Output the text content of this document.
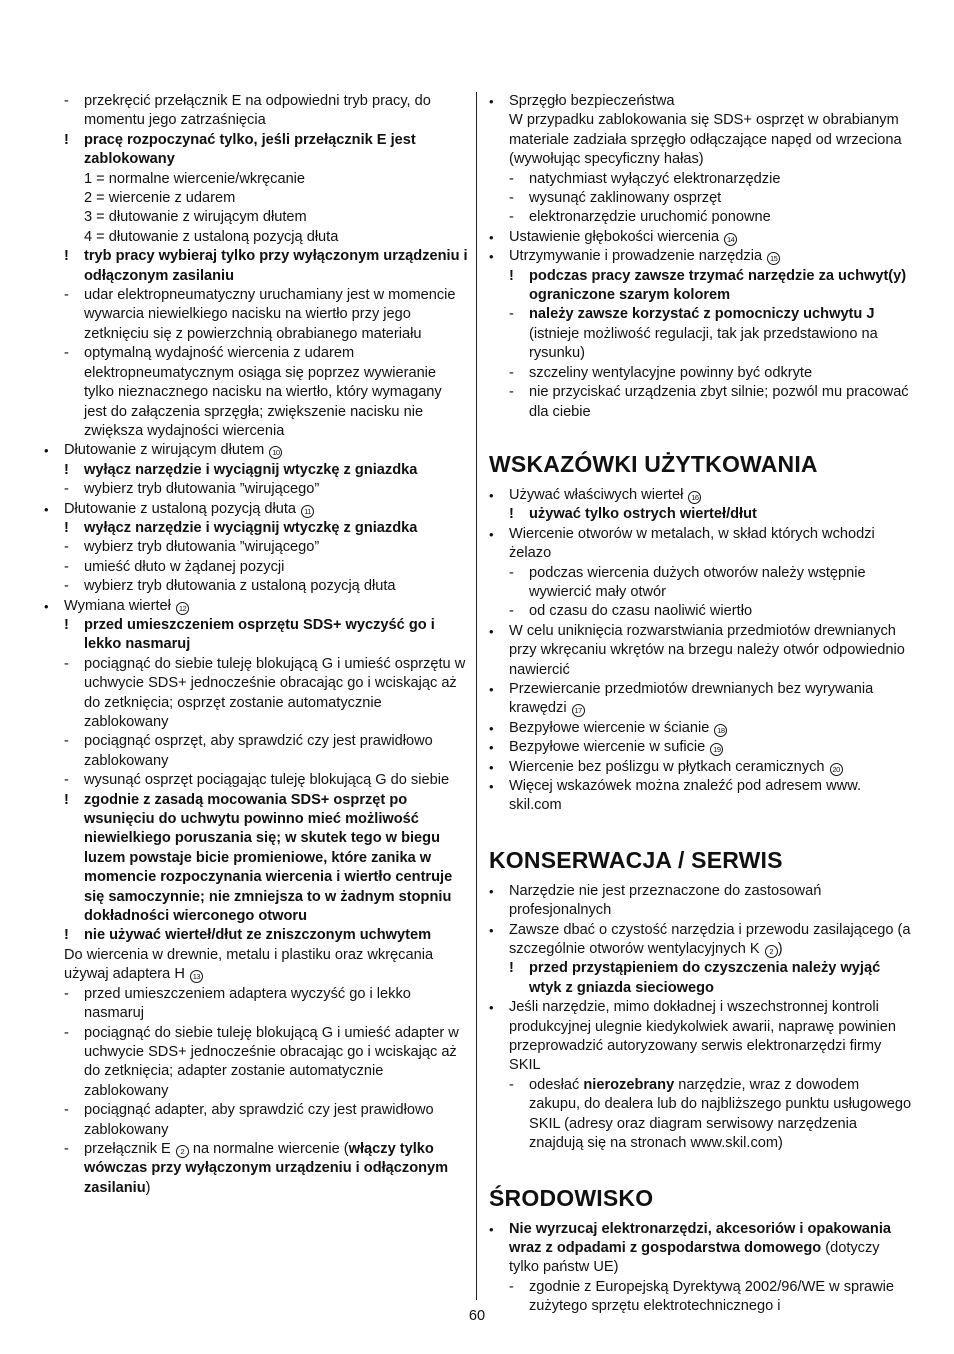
-	przekręcić przełącznik E na odpowiedni tryb pracy, do momentu jego zatrzaśnięcia
!	pracę rozpoczynać tylko, jeśli przełącznik E jest zablokowany
1 = normalne wiercenie/wkręcanie
2 = wiercenie z udarem
3 = dłutowanie z wirującym dłutem
4 = dłutowanie z ustaloną pozycją dłuta
!	tryb pracy wybieraj tylko przy wyłączonym urządzeniu i odłączonym zasilaniu
-	udar elektropneumatyczny uruchamiany jest w momencie wywarcia niewielkiego nacisku na wiertło przy jego zetknięciu się z powierzchnią obrabianego materiału
-	optymalną wydajność wiercenia z udarem elektropneumatycznym osiąga się poprzez wywieranie tylko nieznacznego nacisku na wiertło, który wymagany jest do załączenia sprzęgła; zwiększenie nacisku nie zwiększa wydajności wiercenia
•	Dłutowanie z wirującym dłutem 10
!	wyłącz narzędzie i wyciągnij wtyczkę z gniazdka
-	wybierz tryb dłutowania ”wirującego”
•	Dłutowanie z ustaloną pozycją dłuta 11
!	wyłącz narzędzie i wyciągnij wtyczkę z gniazdka
-	wybierz tryb dłutowania ”wirującego”
-	umieść dłuto w żądanej pozycji
-	wybierz tryb dłutowania z ustaloną pozycją dłuta
•	Wymiana wierteł 12
!	przed umieszczeniem osprzętu SDS+ wyczyść go i lekko nasmaruj
-	pociągnąć do siebie tuleję blokującą G i umieść osprzętu w uchwycie SDS+ jednocześnie obracając go i wciskając aż do zetknięcia; osprzęt zostanie automatycznie zablokowany
-	pociągnąć osprzęt, aby sprawdzić czy jest prawidłowo zablokowany
-	wysunąć osprzęt pociągając tuleję blokującą G do siebie
!	zgodnie z zasadą mocowania SDS+ osprzęt po wsunięciu do uchwytu powinno mieć możliwość niewielkiego poruszania się; w skutek tego w biegu luzem powstaje bicie promieniowe, które zanika w momencie rozpoczynania wiercenia i wiertło centruje się samoczynnie; nie zmniejsza to w żadnym stopniu dokładności wierconego otworu
!	nie używać wierteł/dłut ze zniszczonym uchwytem
Do wiercenia w drewnie, metalu i plastiku oraz wkręcania używaj adaptera H 13
-	przed umieszczeniem adaptera wyczyść go i lekko nasmaruj
-	pociągnąć do siebie tuleję blokującą G i umieść adapter w uchwycie SDS+ jednocześnie obracając go i wciskając aż do zetknięcia; adapter zostanie automatycznie zablokowany
-	pociągnąć adapter, aby sprawdzić czy jest prawidłowo zablokowany
-	przełącznik E 2 na normalne wiercenie (włączy tylko wówczas przy wyłączonym urządzeniu i odłączonym zasilaniu)
•	Sprzęgło bezpieczeństwa
W przypadku zablokowania się SDS+ osprzęt w obrabianym materiale zadziała sprzęgło odłączające napęd od wrzeciona (wywołując specyficzny hałas)
-	natychmiast wyłączyć elektronarzędzie
-	wysunąć zaklinowany osprzęt
-	elektronarzędzie uruchomić ponowne
•	Ustawienie głębokości wiercenia 14
•	Utrzymywanie i prowadzenie narzędzia 15
!	podczas pracy zawsze trzymać narzędzie za uchwyt(y) ograniczone szarym kolorem
-	należy zawsze korzystać z pomocniczy uchwytu J (istnieje możliwość regulacji, tak jak przedstawiono na rysunku)
-	szczeliny wentylacyjne powinny być odkryte
-	nie przyciskać urządzenia zbyt silnie; pozwól mu pracować dla ciebie
WSKAZÓWKI UŻYTKOWANIA
•	Używać właściwych wierteł 16
!	używać tylko ostrych wierteł/dłut
•	Wiercenie otworów w metalach, w skład których wchodzi żelazo
-	podczas wiercenia dużych otworów należy wstępnie wywiercić mały otwór
-	od czasu do czasu naoliwić wiertło
•	W celu uniknięcia rozwarstwiania przedmiotów drewnianych przy wkręcaniu wkrętów na brzegu należy otwór odpowiednio nawiercić
•	Przewiercanie przedmiotów drewnianych bez wyrywania krawędzi 17
•	Bezpyłowe wiercenie w ścianie 18
•	Bezpyłowe wiercenie w suficie 19
•	Wiercenie bez poślizgu w płytkach ceramicznych 20
•	Więcej wskazówek można znaleźć pod adresem www. skil.com
KONSERWACJA / SERWIS
•	Narzędzie nie jest przeznaczone do zastosowań profesjonalnych
•	Zawsze dbać o czystość narzędzia i przewodu zasilającego (a szczególnie otworów wentylacyjnych K 2 )
!	przed przystąpieniem do czyszczenia należy wyjąć wtyk z gniazda sieciowego
•	Jeśli narzędzie, mimo dokładnej i wszechstronnej kontroli produkcyjnej ulegnie kiedykolwiek awarii, naprawę powinien przeprowadzić autoryzowany serwis elektronarzędzi firmy SKIL
-	odesłać nierozebrany narzędzie, wraz z dowodem zakupu, do dealera lub do najbliższego punktu usługowego SKIL (adresy oraz diagram serwisowy narzędzenia znajdują się na stronach www.skil.com)
ŚRODOWISKO
•	Nie wyrzucaj elektronarzędzi, akcesoriów i opakowania wraz z odpadami z gospodarstwa domowego (dotyczy tylko państw UE)
-	zgodnie z Europejską Dyrektywą 2002/96/WE w sprawie zużytego sprzętu elektrotechnicznego i
60
